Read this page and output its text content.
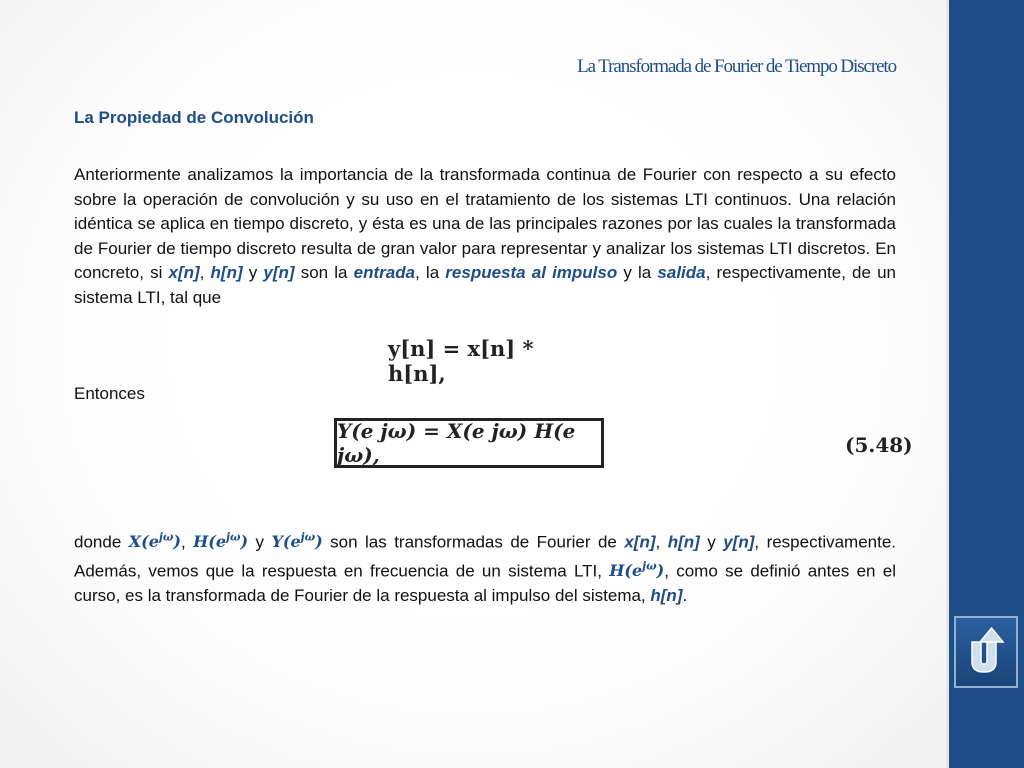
La Transformada de Fourier de Tiempo Discreto
La Propiedad de Convolución

Anteriormente analizamos la importancia de la transformada continua de Fourier con respecto a su efecto sobre la operación de convolución y su uso en el tratamiento de los sistemas LTI continuos. Una relación idéntica se aplica en tiempo discreto, y ésta es una de las principales razones por las cuales la transformada de Fourier de tiempo discreto resulta de gran valor para representar y analizar los sistemas LTI discretos. En concreto, si x[n], h[n] y y[n] son la entrada, la respuesta al impulso y la salida, respectivamente, de un sistema LTI, tal que

y[n] = x[n] * h[n],
Entonces
Y(e jω) = X(e jω) H(e jω),	(5.48)

donde $X(e^{j\omega})$, $H(e^{j\omega})$ y $Y(e^{j\omega})$ son las transformadas de Fourier de x[n], h[n] y y[n], respectivamente. Además, vemos que la respuesta en frecuencia de un sistema LTI, $H(e^{j\omega})$, como se definió antes en el curso, es la transformada de Fourier de la respuesta al impulso del sistema, h[n].
